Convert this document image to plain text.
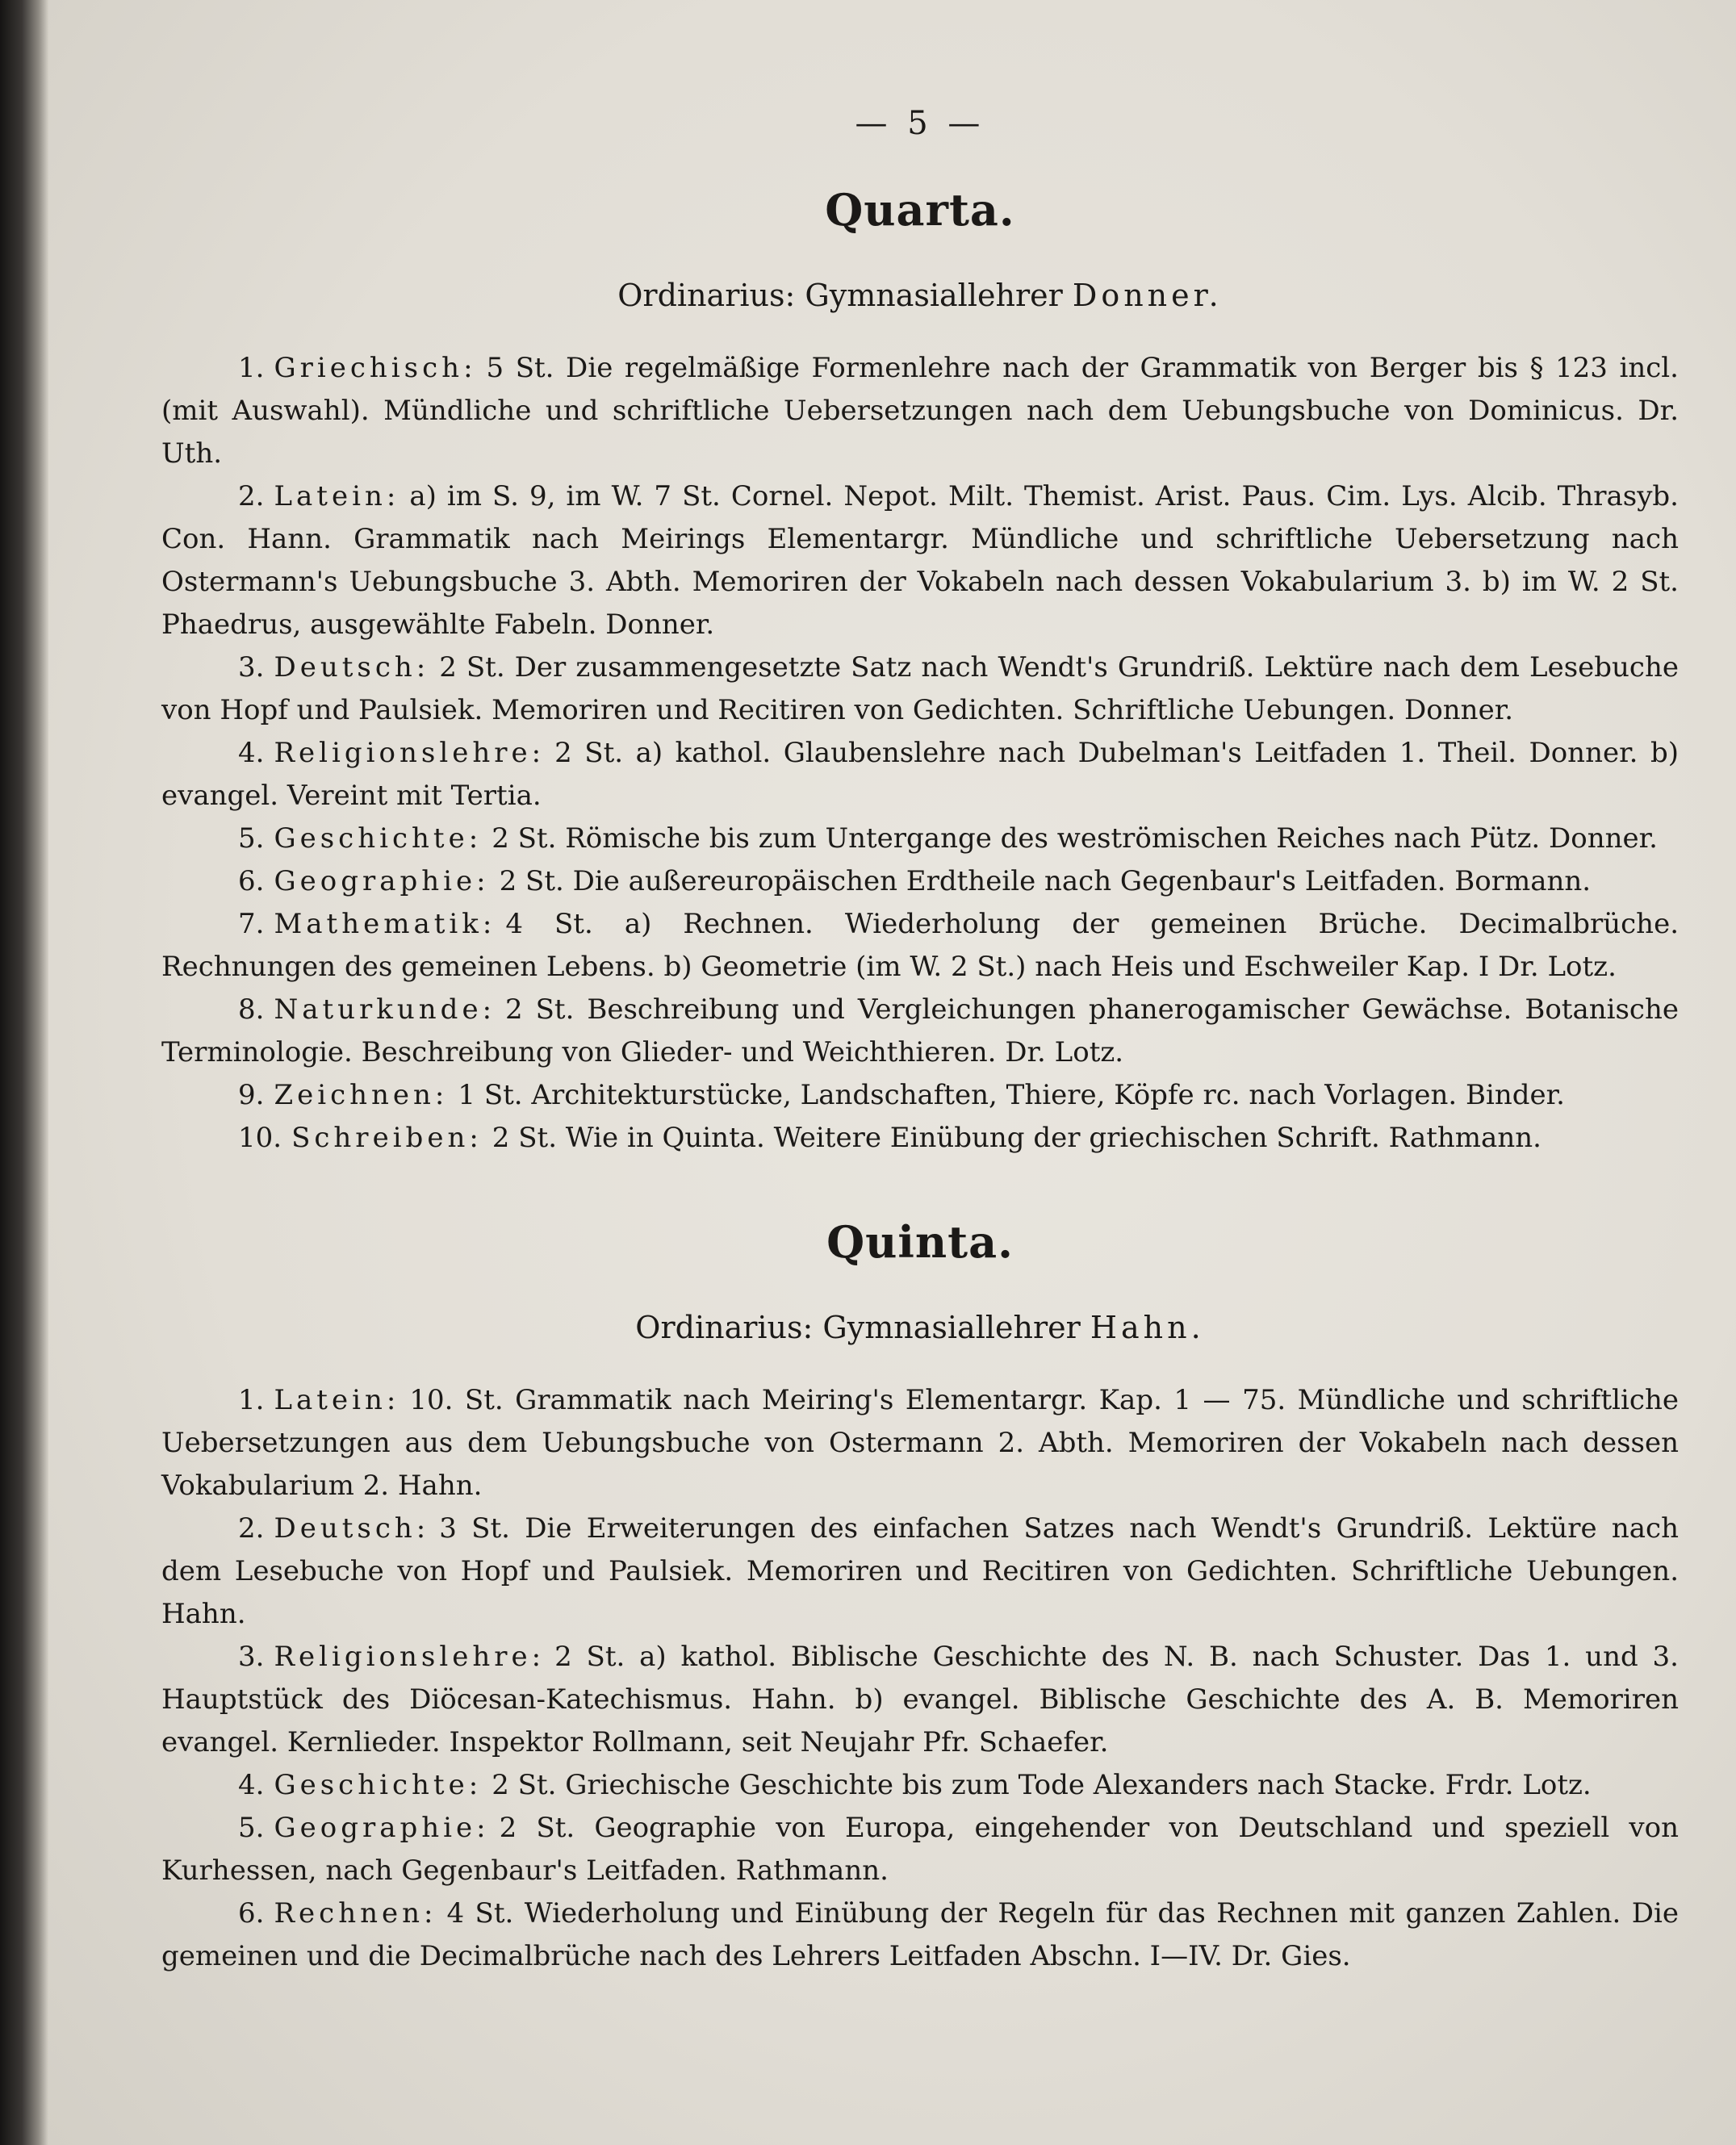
— 5 —
Quarta.
Ordinarius: Gymnasiallehrer Donner.

1. Griechisch: 5 St. Die regelmäßige Formenlehre nach der Grammatik von Berger bis § 123 incl. (mit Auswahl). Mündliche und schriftliche Uebersetzungen nach dem Uebungsbuche von Dominicus. Dr. Uth.

2. Latein: a) im S. 9, im W. 7 St. Cornel. Nepot. Milt. Themist. Arist. Paus. Cim. Lys. Alcib. Thrasyb. Con. Hann. Grammatik nach Meirings Elementargr. Mündliche und schriftliche Uebersetzung nach Ostermann's Uebungsbuche 3. Abth. Memoriren der Vokabeln nach dessen Vokabularium 3. b) im W. 2 St. Phaedrus, ausgewählte Fabeln. Donner.

3. Deutsch: 2 St. Der zusammengesetzte Satz nach Wendt's Grundriß. Lektüre nach dem Lesebuche von Hopf und Paulsiek. Memoriren und Recitiren von Gedichten. Schriftliche Uebungen. Donner.

4. Religionslehre: 2 St. a) kathol. Glaubenslehre nach Dubelman's Leitfaden 1. Theil. Donner. b) evangel. Vereint mit Tertia.

5. Geschichte: 2 St. Römische bis zum Untergange des weströmischen Reiches nach Pütz. Donner.

6. Geographie: 2 St. Die außereuropäischen Erdtheile nach Gegenbaur's Leitfaden. Bormann.

7. Mathematik: 4 St. a) Rechnen. Wiederholung der gemeinen Brüche. Decimalbrüche. Rechnungen des gemeinen Lebens. b) Geometrie (im W. 2 St.) nach Heis und Eschweiler Kap. I Dr. Lotz.

8. Naturkunde: 2 St. Beschreibung und Vergleichungen phanerogamischer Gewächse. Botanische Terminologie. Beschreibung von Glieder- und Weichthieren. Dr. Lotz.

9. Zeichnen: 1 St. Architekturstücke, Landschaften, Thiere, Köpfe rc. nach Vorlagen. Binder.

10. Schreiben: 2 St. Wie in Quinta. Weitere Einübung der griechischen Schrift. Rathmann.

Quinta.
Ordinarius: Gymnasiallehrer Hahn.

1. Latein: 10. St. Grammatik nach Meiring's Elementargr. Kap. 1 — 75. Mündliche und schriftliche Uebersetzungen aus dem Uebungsbuche von Ostermann 2. Abth. Memoriren der Vokabeln nach dessen Vokabularium 2. Hahn.

2. Deutsch: 3 St. Die Erweiterungen des einfachen Satzes nach Wendt's Grundriß. Lektüre nach dem Lesebuche von Hopf und Paulsiek. Memoriren und Recitiren von Gedichten. Schriftliche Uebungen. Hahn.

3. Religionslehre: 2 St. a) kathol. Biblische Geschichte des N. B. nach Schuster. Das 1. und 3. Hauptstück des Diöcesan-Katechismus. Hahn. b) evangel. Biblische Geschichte des A. B. Memoriren evangel. Kernlieder. Inspektor Rollmann, seit Neujahr Pfr. Schaefer.

4. Geschichte: 2 St. Griechische Geschichte bis zum Tode Alexanders nach Stacke. Frdr. Lotz.

5. Geographie: 2 St. Geographie von Europa, eingehender von Deutschland und speziell von Kurhessen, nach Gegenbaur's Leitfaden. Rathmann.

6. Rechnen: 4 St. Wiederholung und Einübung der Regeln für das Rechnen mit ganzen Zahlen. Die gemeinen und die Decimalbrüche nach des Lehrers Leitfaden Abschn. I—IV. Dr. Gies.
